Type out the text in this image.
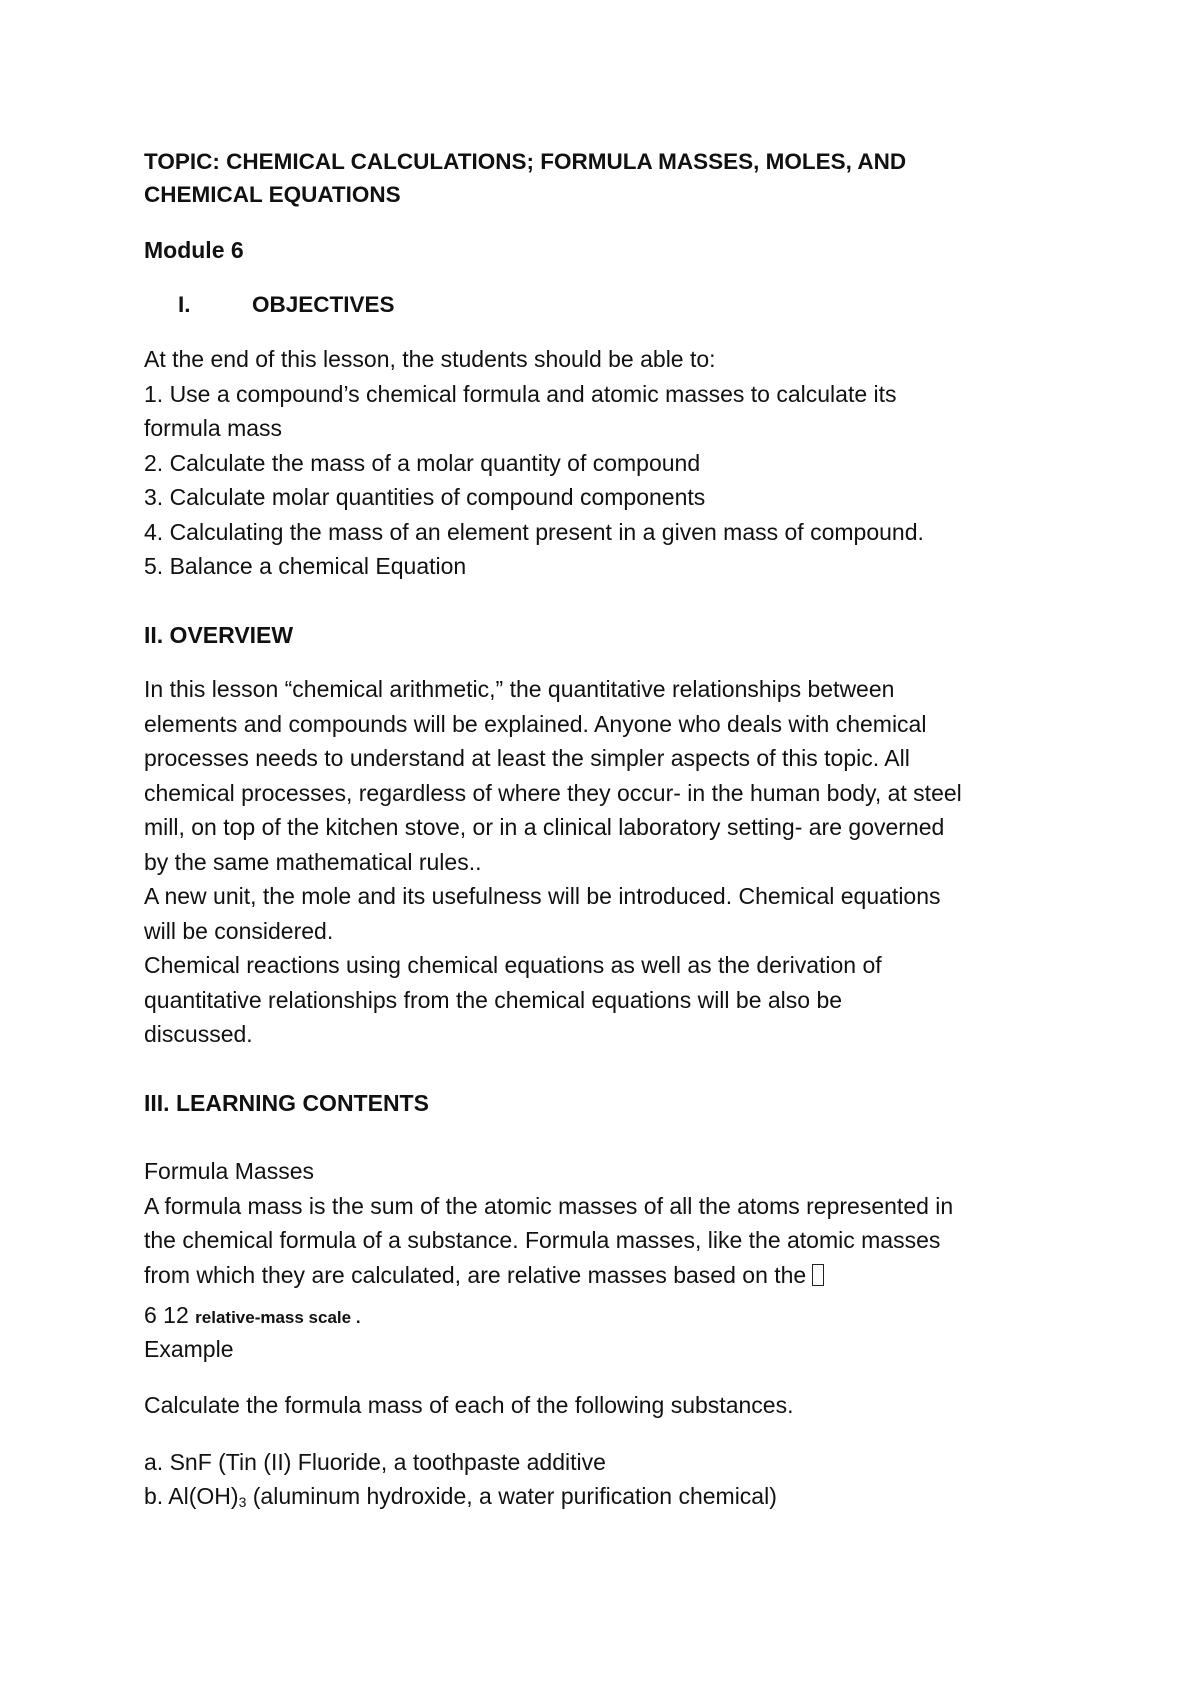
TOPIC: CHEMICAL CALCULATIONS; FORMULA MASSES, MOLES, AND

CHEMICAL EQUATIONS

Module 6

I.	OBJECTIVES

At the end of this lesson, the students should be able to:

1. Use a compound’s chemical formula and atomic masses to calculate its

formula mass

2. Calculate the mass of a molar quantity of compound

3. Calculate molar quantities of compound components

4. Calculating the mass of an element present in a given mass of compound.

5. Balance a chemical Equation

II. OVERVIEW

In this lesson “chemical arithmetic,” the quantitative relationships between

elements and compounds will be explained. Anyone who deals with chemical

processes needs to understand at least the simpler aspects of this topic. All

chemical processes, regardless of where they occur- in the human body, at steel

mill, on top of the kitchen stove, or in a clinical laboratory setting- are governed

by the same mathematical rules..

A new unit, the mole and its usefulness will be introduced. Chemical equations

will be considered.

Chemical reactions using chemical equations as well as the derivation of

quantitative relationships from the chemical equations will be also be

discussed.

III. LEARNING CONTENTS

Formula Masses

A formula mass is the sum of the atomic masses of all the atoms represented in

the chemical formula of a substance. Formula masses, like the atomic masses

from which they are calculated, are relative masses based on the

6 12 relative-mass scale .

Example

Calculate the formula mass of each of the following substances.

a. SnF (Tin (II) Fluoride, a toothpaste additive

b. $Al(OH)_3$ (aluminum hydroxide, a water purification chemical)
